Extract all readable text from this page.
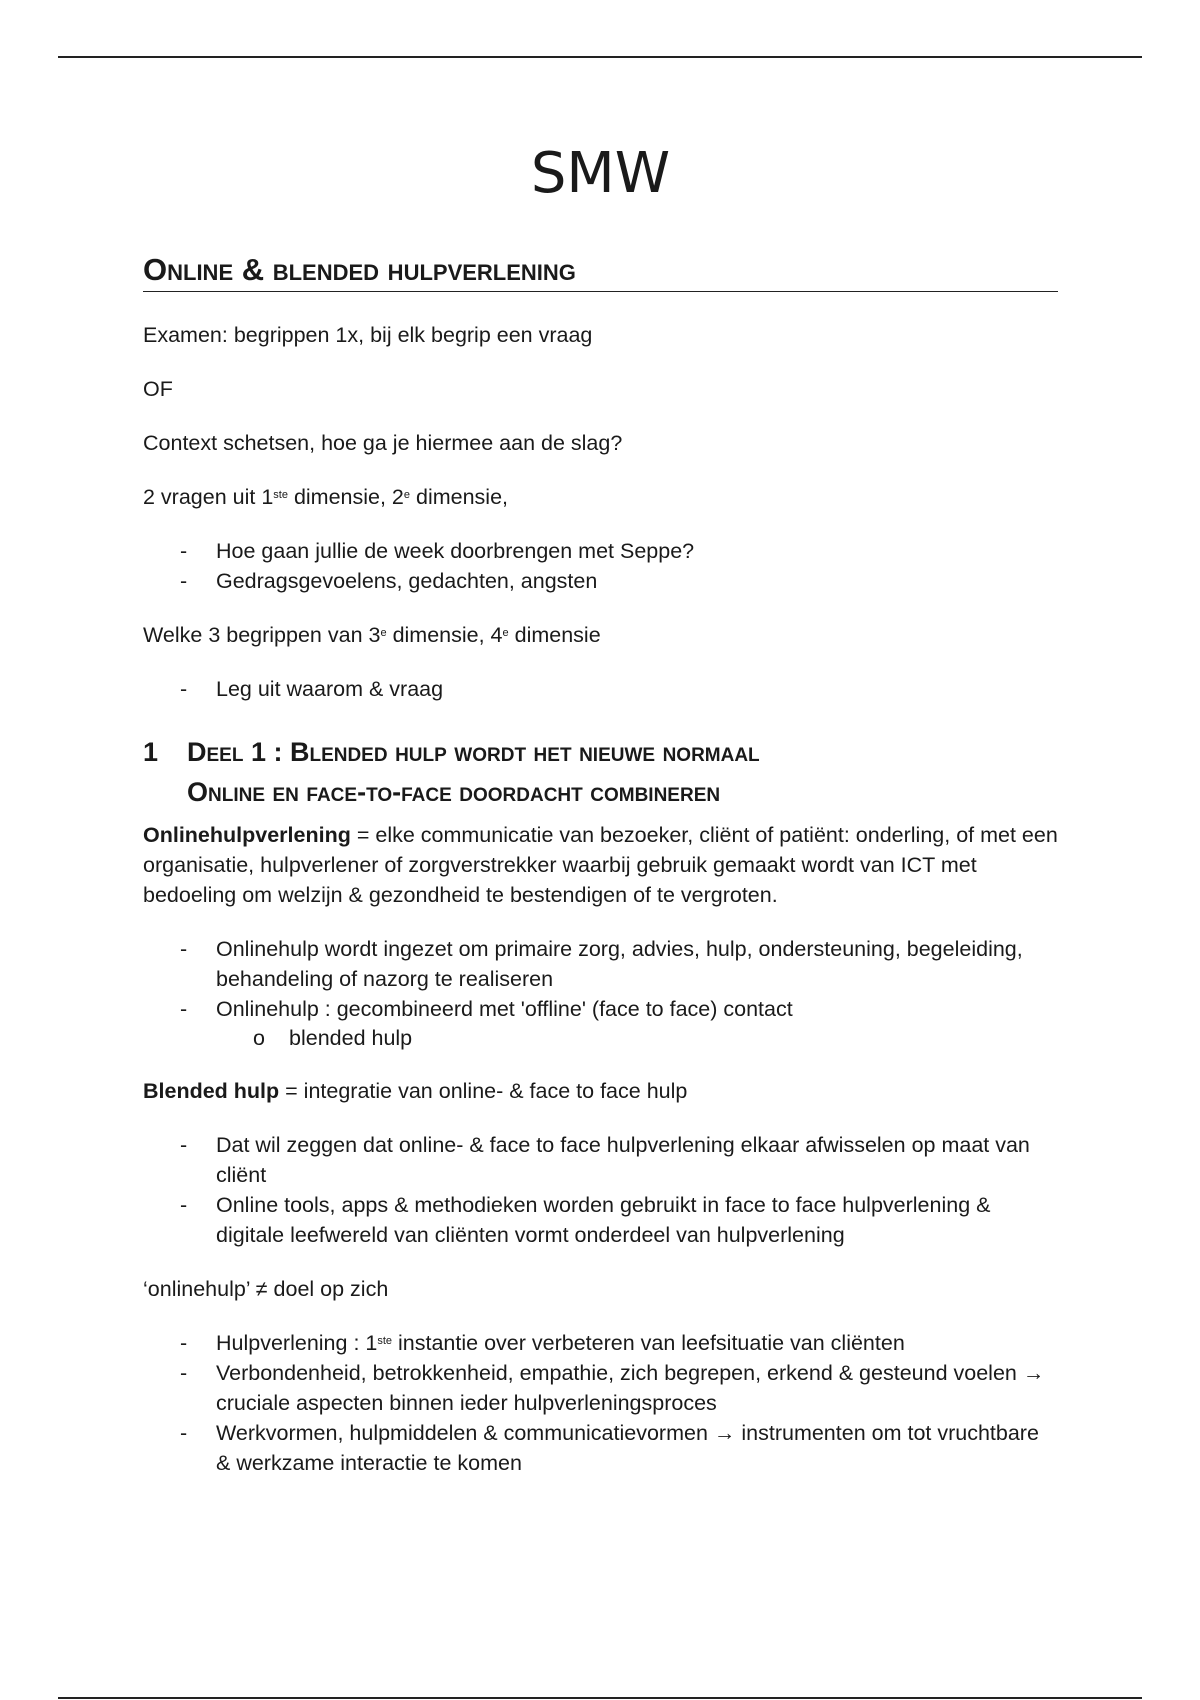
SMW
Online & blended hulpverlening

Examen: begrippen 1x, bij elk begrip een vraag

OF

Context schetsen, hoe ga je hiermee aan de slag?

2 vragen uit 1ste dimensie, 2e dimensie,

- Hoe gaan jullie de week doorbrengen met Seppe?
- Gedragsgevoelens, gedachten, angsten

Welke 3 begrippen van 3e dimensie, 4e dimensie

- Leg uit waarom & vraag
1	Deel 1 : Blended hulp wordt het nieuwe normaal
Online en face-to-face doordacht combineren

Onlinehulpverlening = elke communicatie van bezoeker, cliënt of patiënt: onderling, of met een organisatie, hulpverlener of zorgverstrekker waarbij gebruik gemaakt wordt van ICT met bedoeling om welzijn & gezondheid te bestendigen of te vergroten.

- Onlinehulp wordt ingezet om primaire zorg, advies, hulp, ondersteuning, begeleiding, behandeling of nazorg te realiseren
- Onlinehulp : gecombineerd met 'offline' (face to face) contact
o blended hulp

Blended hulp = integratie van online- & face to face hulp

- Dat wil zeggen dat online- & face to face hulpverlening elkaar afwisselen op maat van cliënt
- Online tools, apps & methodieken worden gebruikt in face to face hulpverlening & digitale leefwereld van cliënten vormt onderdeel van hulpverlening

‘onlinehulp’ ≠ doel op zich

- Hulpverlening : 1ste instantie over verbeteren van leefsituatie van cliënten
- Verbondenheid, betrokkenheid, empathie, zich begrepen, erkend & gesteund voelen → cruciale aspecten binnen ieder hulpverleningsproces
- Werkvormen, hulpmiddelen & communicatievormen → instrumenten om tot vruchtbare & werkzame interactie te komen
